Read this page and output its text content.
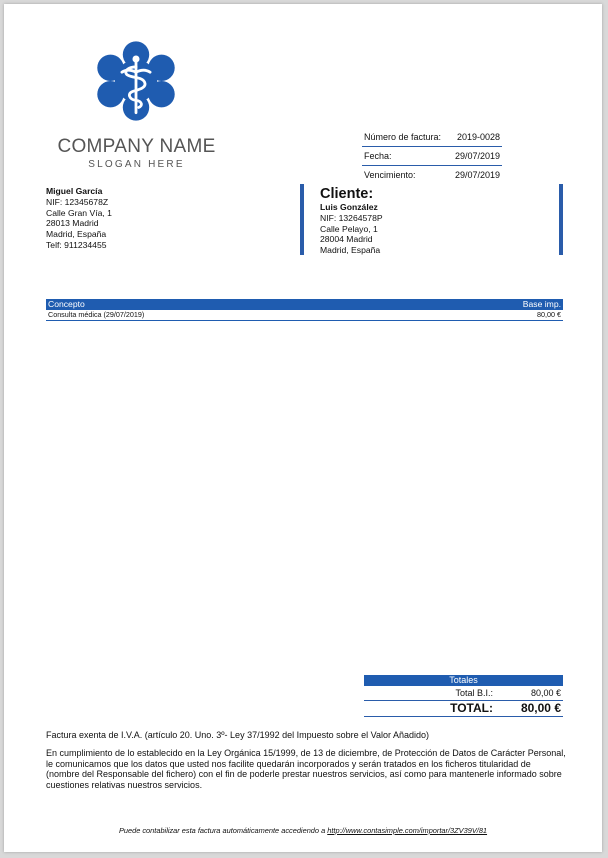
COMPANY NAME
SLOGAN HERE
Número de factura: 2019-0028
Fecha:	29/07/2019
Vencimiento:	29/07/2019
Miguel García
NIF: 12345678Z
Calle Gran Vía, 1
28013 Madrid
Madrid, España
Telf: 911234455
Cliente:
Luis González
NIF: 13264578P
Calle Pelayo, 1
28004 Madrid
Madrid, España
Concepto	Base imp.
Consulta médica (29/07/2019)	80,00 €
Totales
Total B.I.:	80,00 €
TOTAL:	80,00 €
Factura exenta de I.V.A. (artículo 20. Uno. 3º- Ley 37/1992 del Impuesto sobre el Valor Añadido)
En cumplimiento de lo establecido en la Ley Orgánica 15/1999, de 13 de diciembre, de Protección de Datos de Carácter Personal, le comunicamos que los datos que usted nos facilite quedarán incorporados y serán tratados en los ficheros titularidad de (nombre del Responsable del fichero) con el fin de poderle prestar nuestros servicios, así como para mantenerle informado sobre cuestiones relativas nuestros servicios.
Puede contabilizar esta factura automáticamente accediendo a http://www.contasimple.com/importar/3ZV39V/81
